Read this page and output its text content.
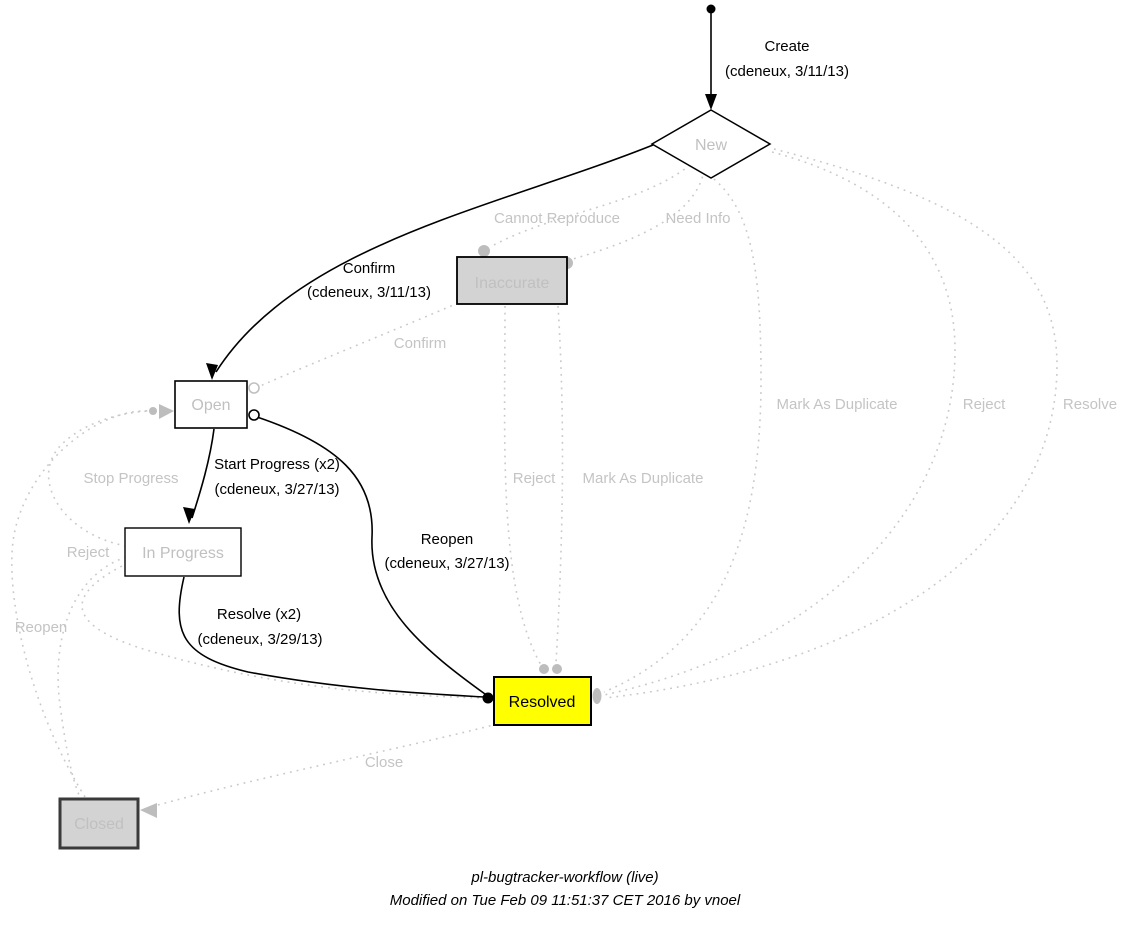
New
Inaccurate
Open
In Progress
Resolved
Closed
Create
(cdeneux, 3/11/13)
Confirm
(cdeneux, 3/11/13)
Start Progress (x2)
(cdeneux, 3/27/13)
Resolve (x2)
(cdeneux, 3/29/13)
Reopen
(cdeneux, 3/27/13)
Cannot Reproduce	Need Info
Confirm
Mark As Duplicate	Reject	Resolve
Reject Mark As Duplicate
Stop Progress
Reject
Reopen
Close
pl-bugtracker-workflow (live)
Modified on Tue Feb 09 11:51:37 CET 2016 by vnoel
